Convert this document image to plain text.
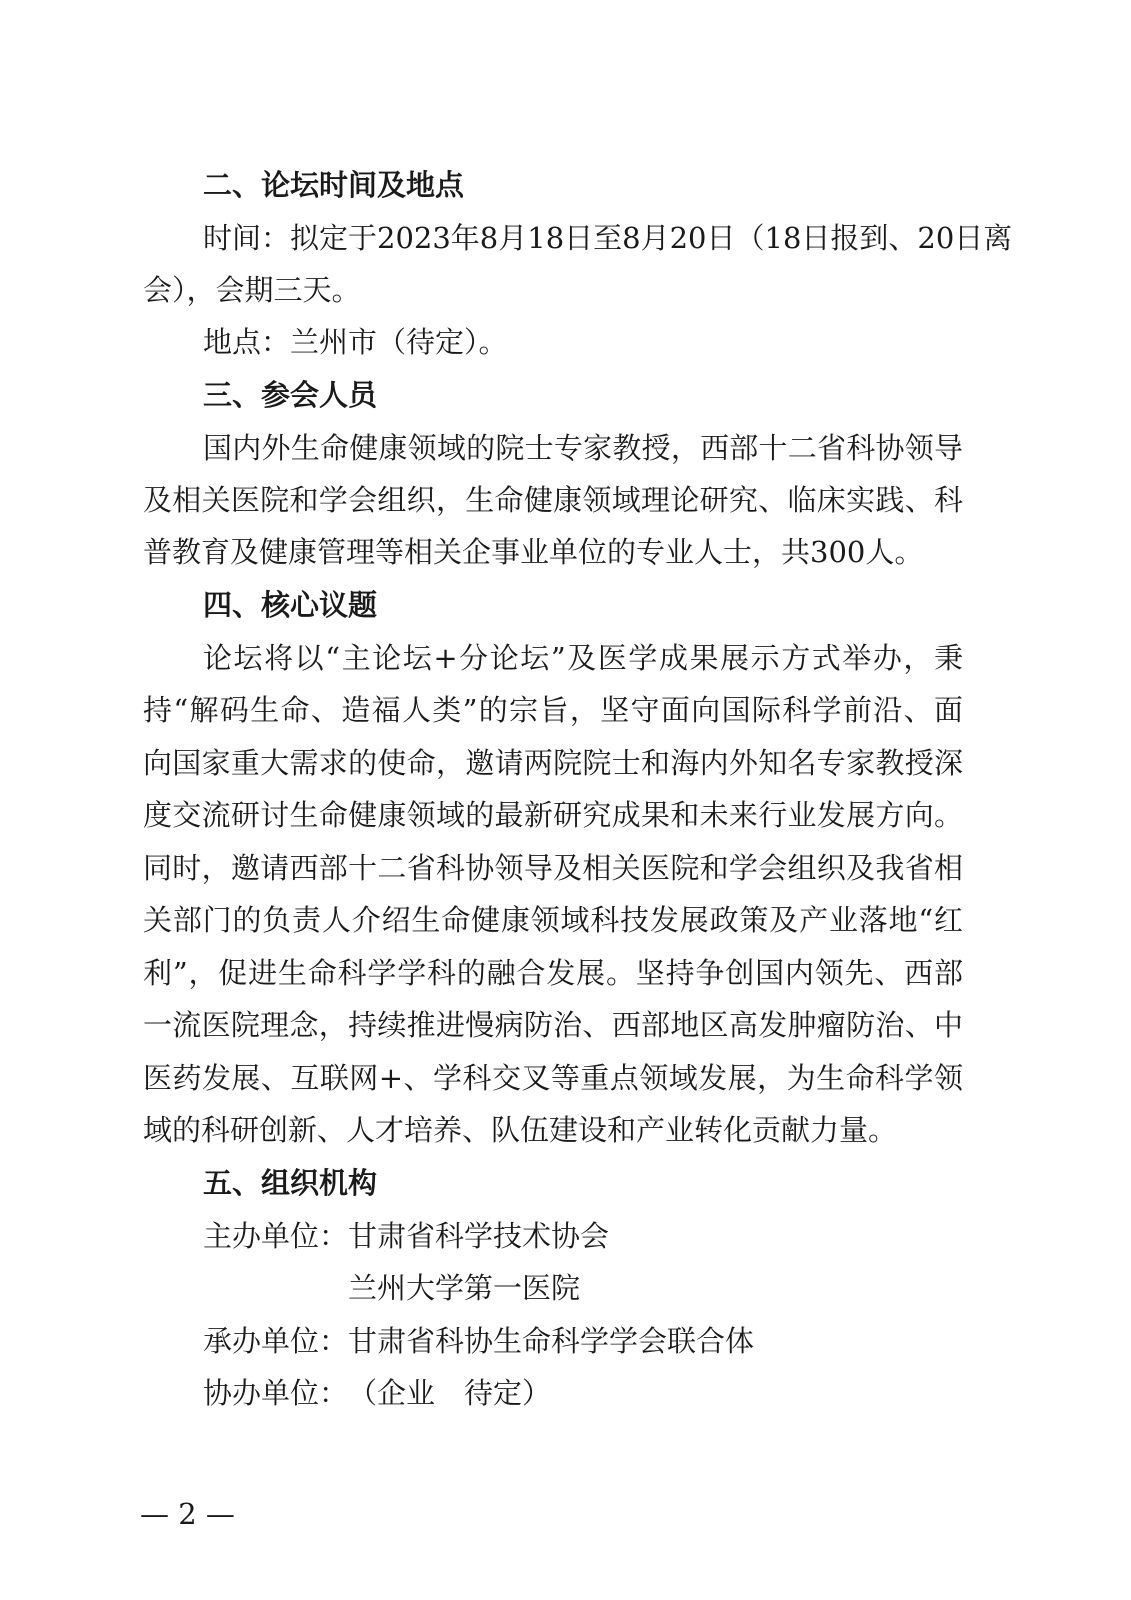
二、论坛时间及地点
时间：拟定于2023年8月18日至8月20日（18日报到、20日离
会），会期三天。
地点：兰州市（待定）。
三、参会人员
国内外生命健康领域的院士专家教授，西部十二省科协领导
及相关医院和学会组织，生命健康领域理论研究、临床实践、科
普教育及健康管理等相关企事业单位的专业人士，共300人。
四、核心议题
论坛将以“主论坛+分论坛”及医学成果展示方式举办，秉
持“解码生命、造福人类”的宗旨，坚守面向国际科学前沿、面
向国家重大需求的使命，邀请两院院士和海内外知名专家教授深
度交流研讨生命健康领域的最新研究成果和未来行业发展方向。
同时，邀请西部十二省科协领导及相关医院和学会组织及我省相
关部门的负责人介绍生命健康领域科技发展政策及产业落地“红
利”，促进生命科学学科的融合发展。坚持争创国内领先、西部
一流医院理念，持续推进慢病防治、西部地区高发肿瘤防治、中
医药发展、互联网+、学科交叉等重点领域发展，为生命科学领
域的科研创新、人才培养、队伍建设和产业转化贡献力量。
五、组织机构
主办单位： 甘肃省科学技术协会
兰州大学第一医院
承办单位： 甘肃省科协生命科学学会联合体
协办单位： （企业　待定）
— 2 —
